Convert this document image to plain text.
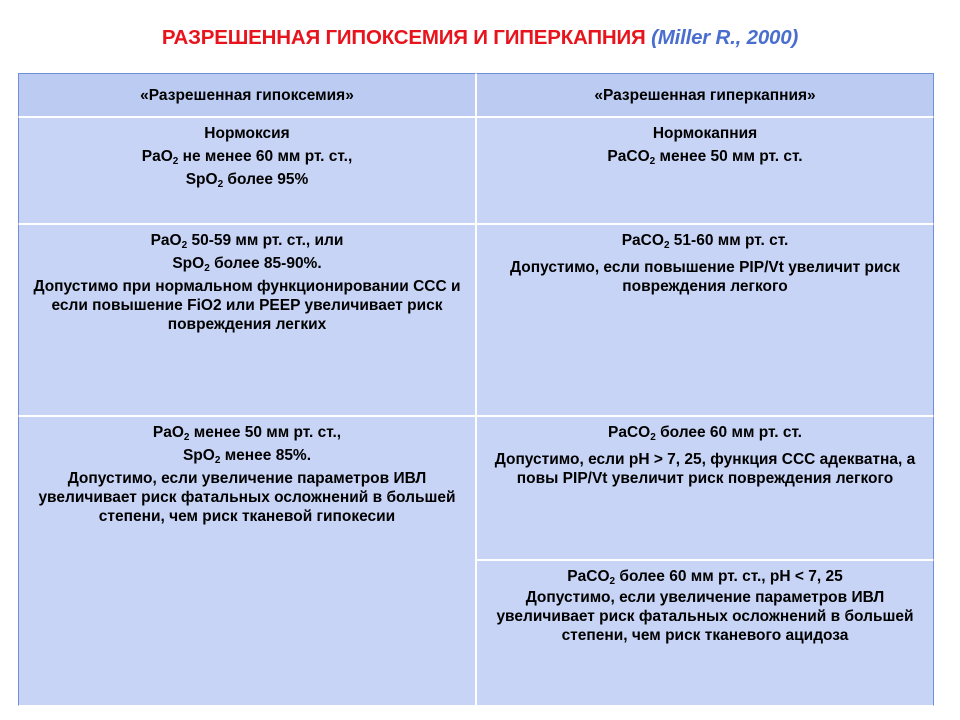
РАЗРЕШЕННАЯ ГИПОКСЕМИЯ И ГИПЕРКАПНИЯ (Miller R., 2000)
«Разрешенная гипоксемия»	«Разрешенная гиперкапния»
Нормоксия
PaO$_2$ не менее 60 мм рт. ст.,
SpO$_2$ более 95%
PaO$_2$ 50-59 мм рт. ст., или
SpO$_2$ более 85-90%.
Допустимо при нормальном функционировании ССС и если повышение FiO2 или PEEP увеличивает риск повреждения легких
PaO$_2$ менее 50 мм рт. ст.,
SpO$_2$ менее 85%.
Допустимо, если увеличение параметров ИВЛ увеличивает риск фатальных осложнений в большей степени, чем риск тканевой гипокесии
Нормокапния
PaCO$_2$ менее 50 мм рт. ст.
PaCO$_2$ 51-60 мм рт. ст.
Допустимо, если повышение PIP/Vt увеличит риск повреждения легкого
PaCO$_2$ более 60 мм рт. ст.
Допустимо, если pH > 7, 25, функция ССС адекватна, а повы PIP/Vt увеличит риск повреждения легкого
PaCO$_2$ более 60 мм рт. ст., pH < 7, 25
Допустимо, если увеличение параметров ИВЛ увеличивает риск фатальных осложнений в большей степени, чем риск тканевого ацидоза
